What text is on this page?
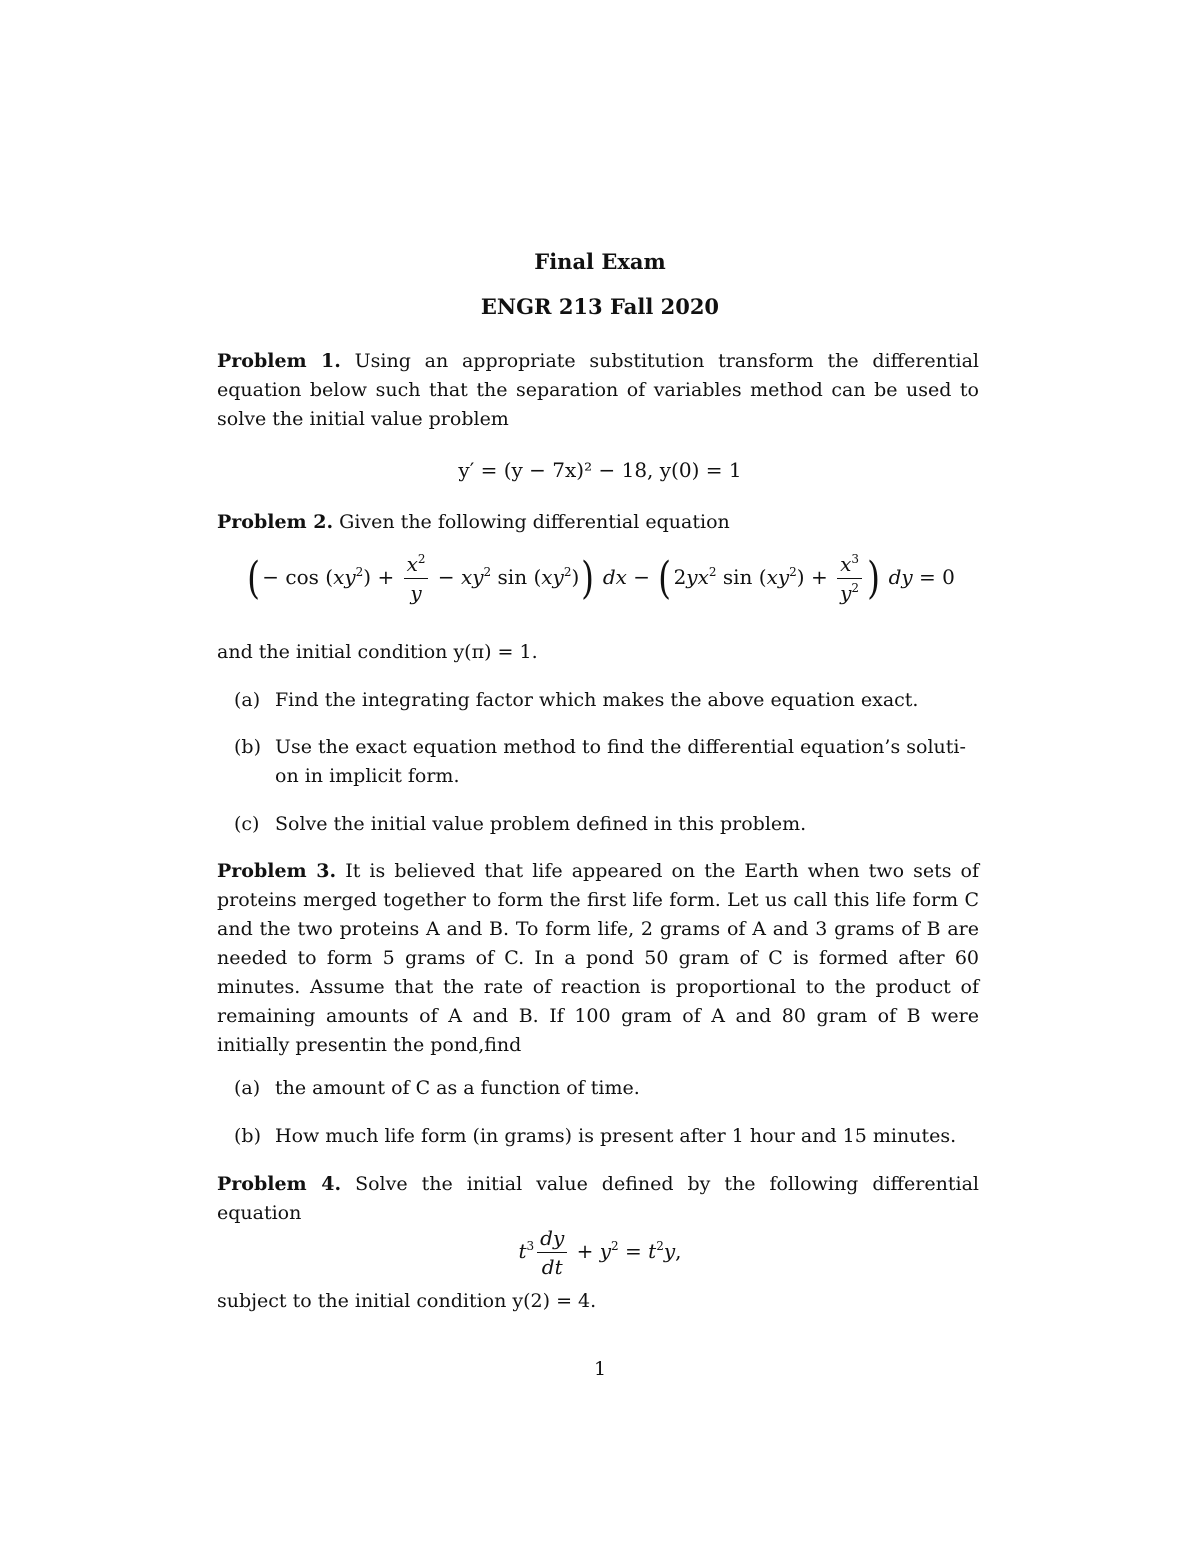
Final Exam
ENGR 213 Fall 2020
Problem 1. Using an appropriate substitution transform the differential equation below such that the separation of variables method can be used to solve the initial value problem
y′ = (y − 7x)² − 18, y(0) = 1
Problem 2. Given the following differential equation
( − $\cos (xy^2) + \frac{x^2}{y} - xy^2$ $\sin (xy^2)$) dx − ( $2yx^2$ $\sin (xy^2) + \frac{x^3}{y^2}$ ) dy = 0
and the initial condition y(π) = 1.
(a) Find the integrating factor which makes the above equation exact.
(b) Use the exact equation method to find the differential equation’s soluti-on in implicit form.
(c) Solve the initial value problem defined in this problem.
Problem 3. It is believed that life appeared on the Earth when two sets of proteins merged together to form the first life form. Let us call this life form C and the two proteins A and B. To form life, 2 grams of A and 3 grams of B are needed to form 5 grams of C. In a pond 50 gram of C is formed after 60 minutes. Assume that the rate of reaction is proportional to the product of remaining amounts of A and B. If 100 gram of A and 80 gram of B were initially presentin the pond,find
(a) the amount of C as a function of time.
(b) How much life form (in grams) is present after 1 hour and 15 minutes.
Problem 4. Solve the initial value defined by the following differential equation
$t^3 \frac{dy}{dt} + y^2 = t^2y$,
subject to the initial condition y(2) = 4.
1
